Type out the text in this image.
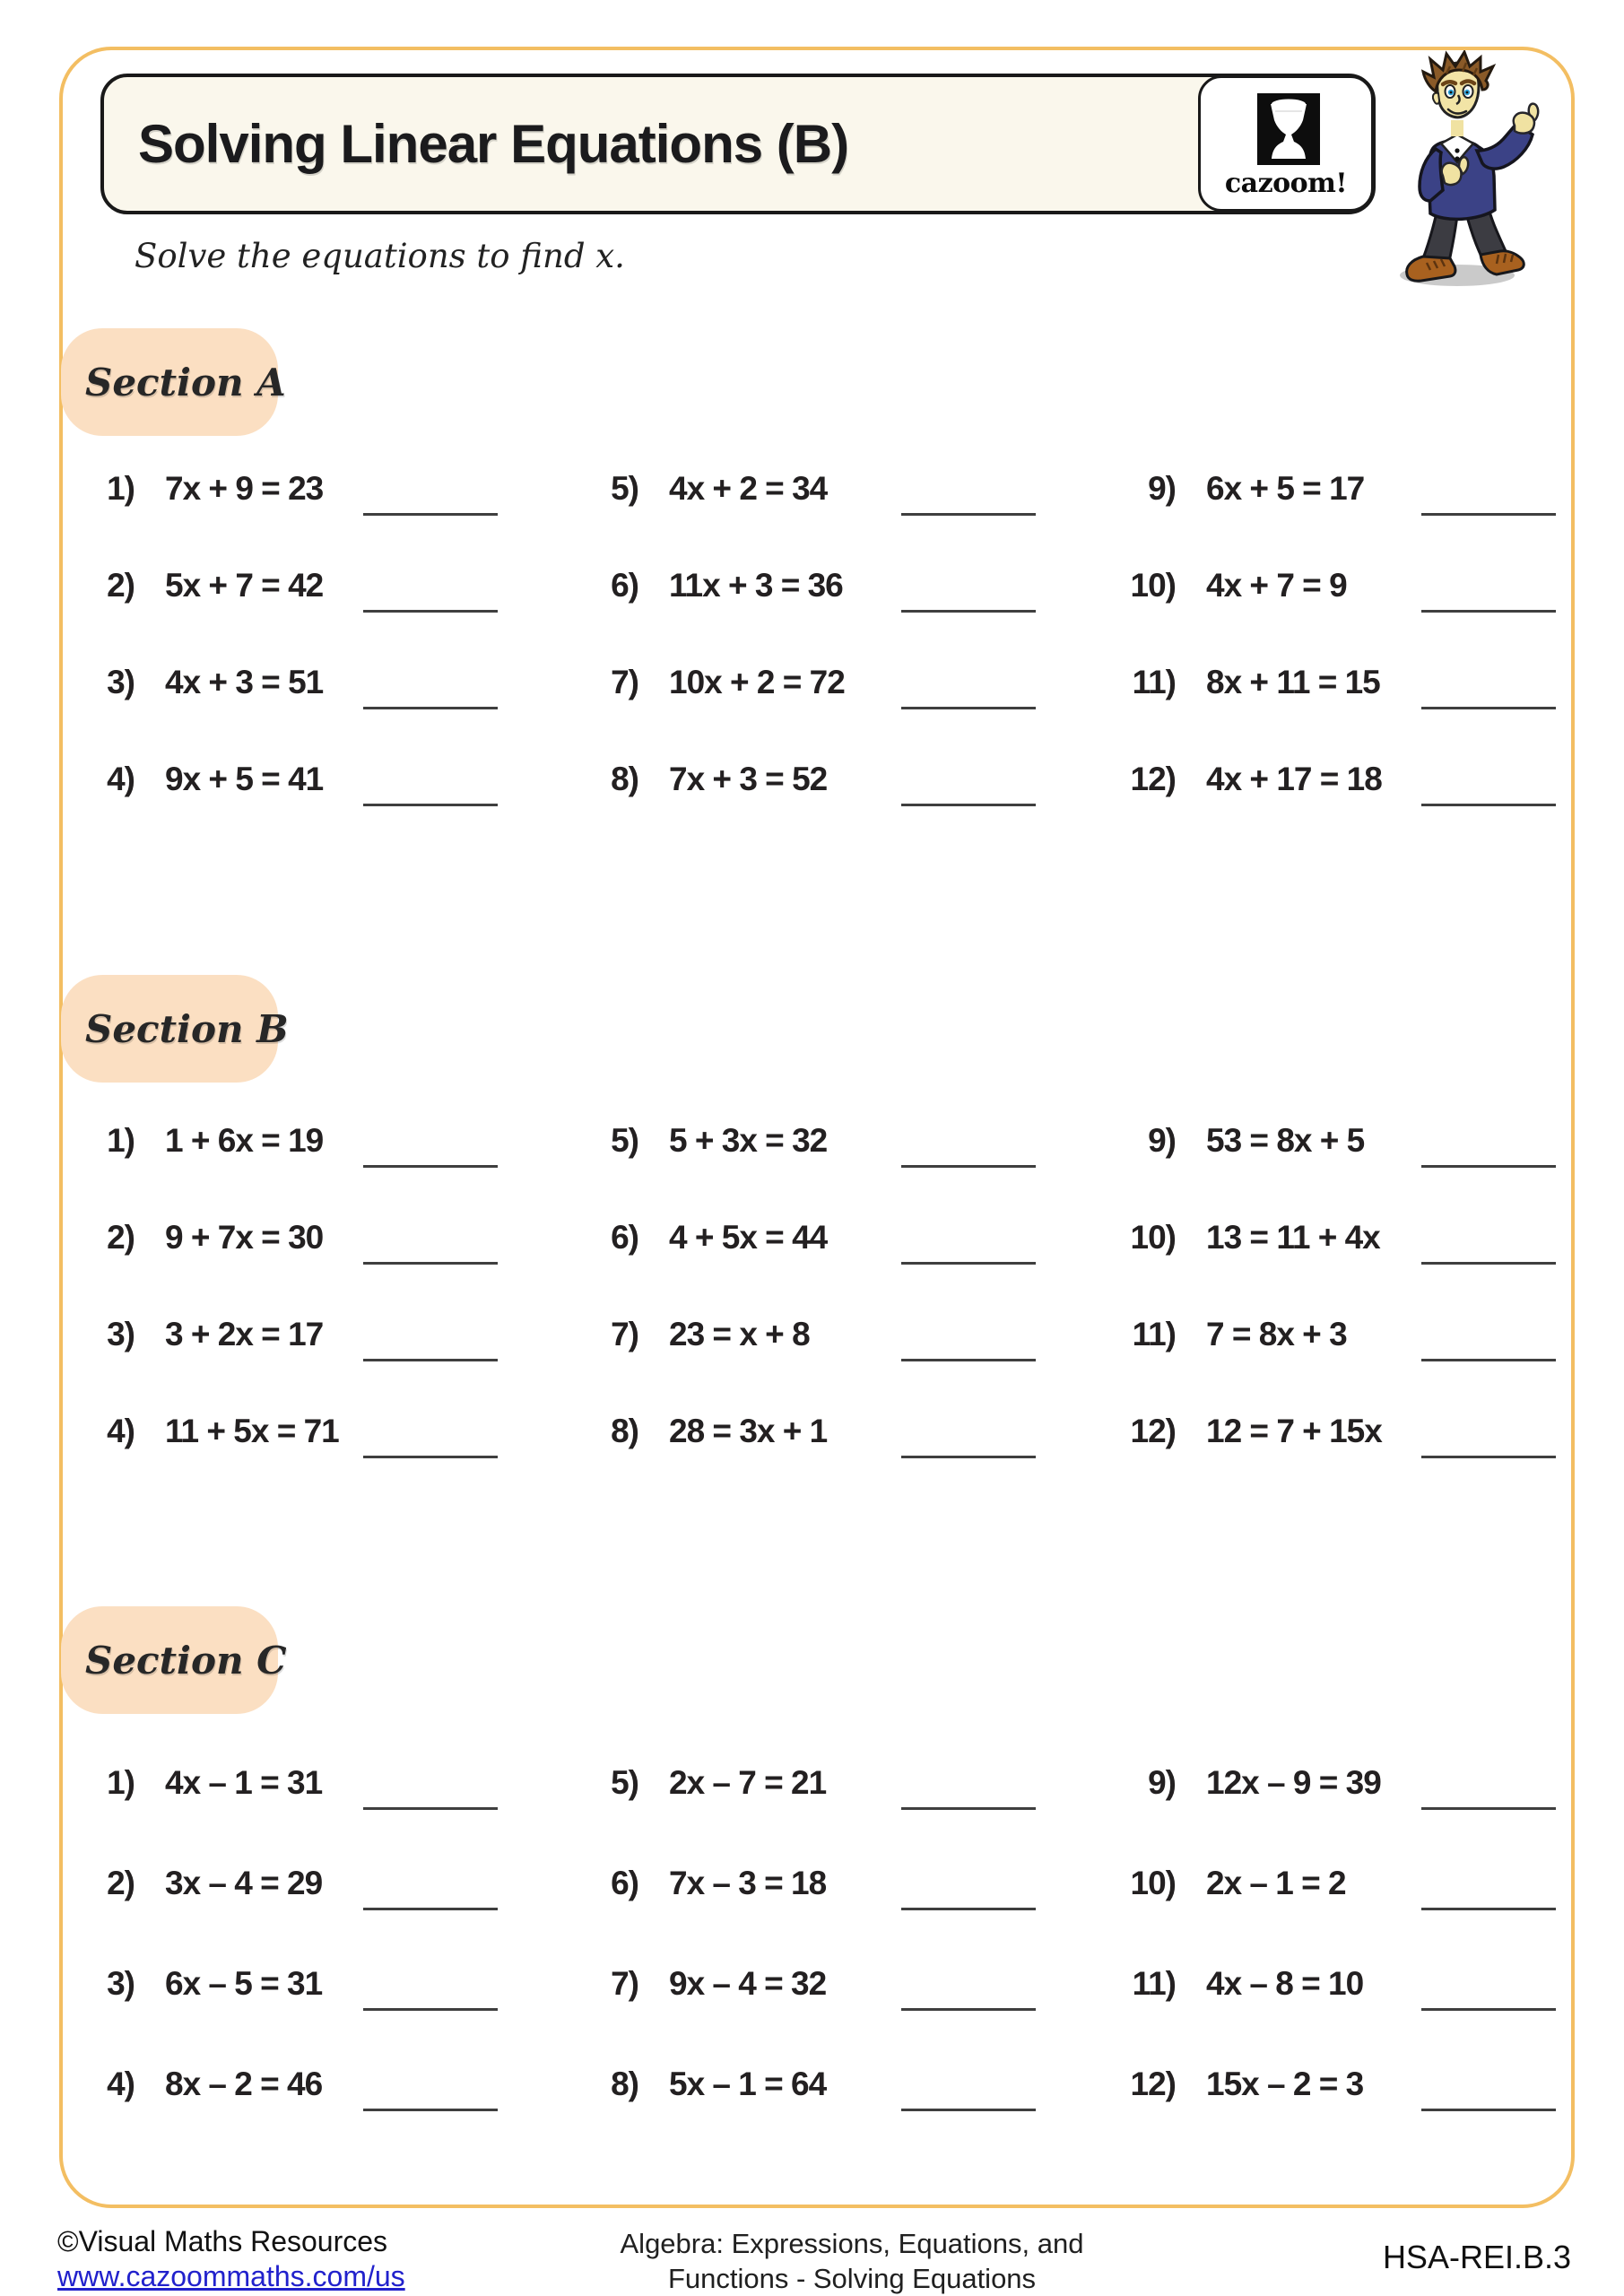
Solving Linear Equations (B)
cazoom!
Solve the equations to find x.
Section A
Section B
Section C
©Visual Maths Resources
www.cazoommaths.com/us
Algebra: Expressions, Equations, and
Functions - Solving Equations
HSA-REI.B.3
1) 7x + 9 = 23
2) 5x + 7 = 42
3) 4x + 3 = 51
4) 9x + 5 = 41
5) 4x + 2 = 34
6) 11x + 3 = 36
7) 10x + 2 = 72
8) 7x + 3 = 52
9) 6x + 5 = 17
10) 4x + 7 = 9
11) 8x + 11 = 15
12) 4x + 17 = 18
1) 1 + 6x = 19
2) 9 + 7x = 30
3) 3 + 2x = 17
4) 11 + 5x = 71
5) 5 + 3x = 32
6) 4 + 5x = 44
7) 23 = x + 8
8) 28 = 3x + 1
9) 53 = 8x + 5
10) 13 = 11 + 4x
11) 7 = 8x + 3
12) 12 = 7 + 15x
1) 4x – 1 = 31
2) 3x – 4 = 29
3) 6x – 5 = 31
4) 8x – 2 = 46
5) 2x – 7 = 21
6) 7x – 3 = 18
7) 9x – 4 = 32
8) 5x – 1 = 64
9) 12x – 9 = 39
10) 2x – 1 = 2
11) 4x – 8 = 10
12) 15x – 2 = 3
